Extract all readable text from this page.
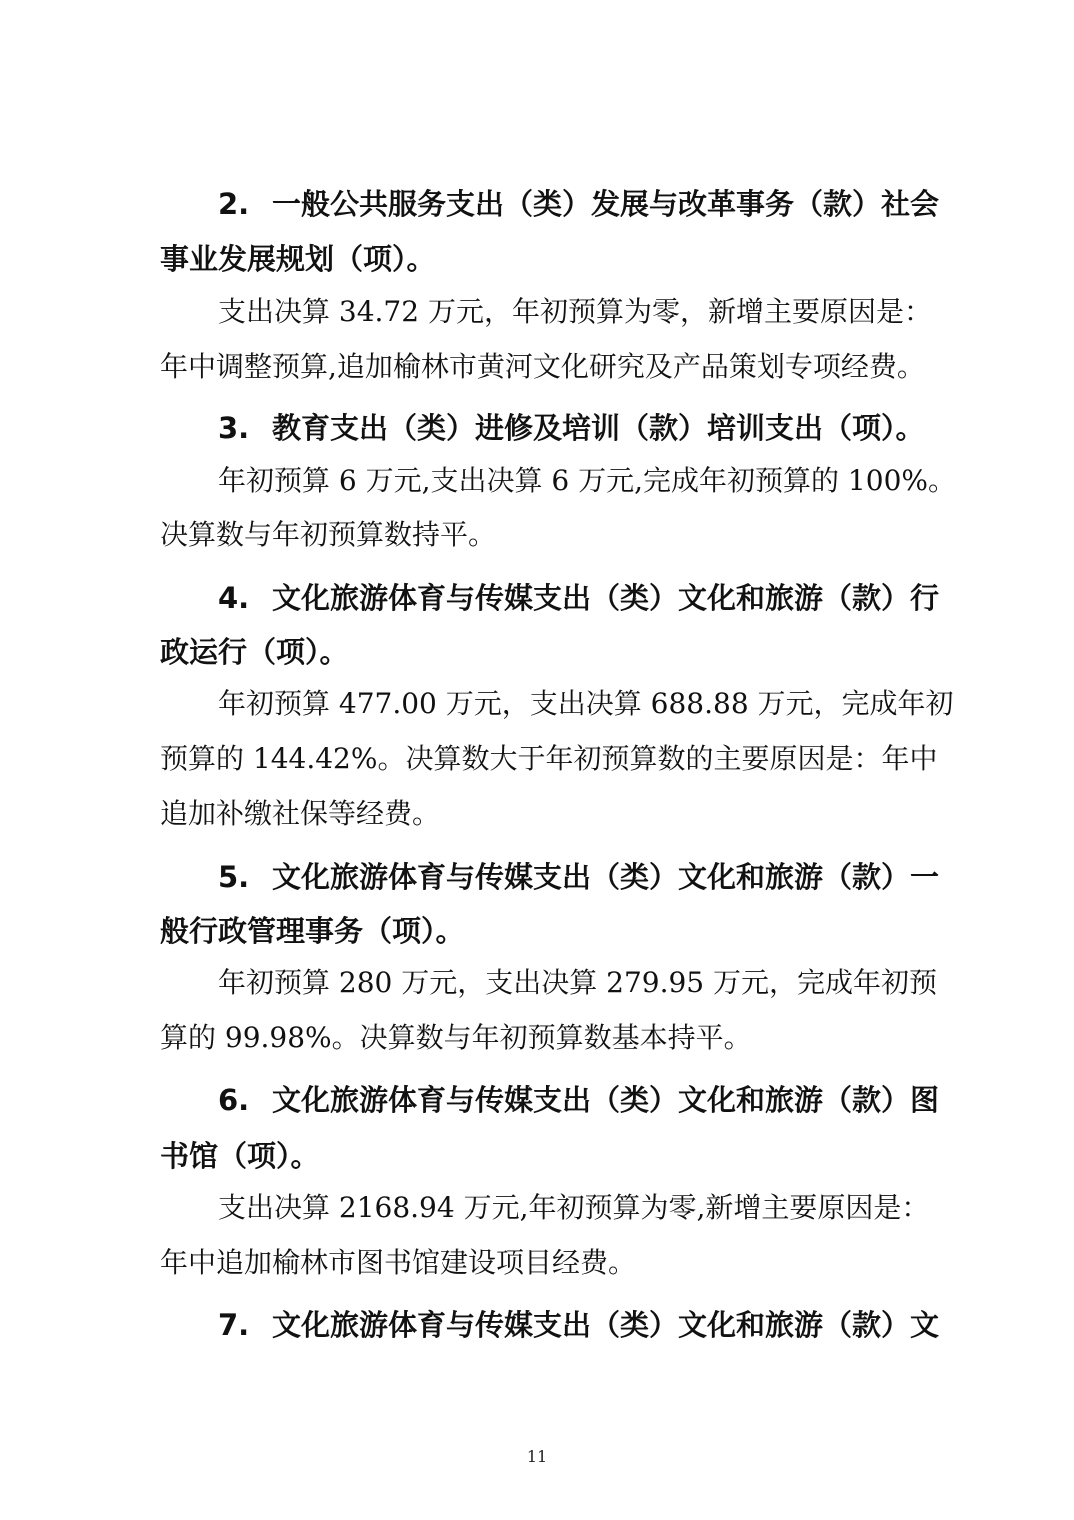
2. 一般公共服务支出（类）发展与改革事务（款）社会
事业发展规划（项）。
支出决算 34.72 万元，年初预算为零，新增主要原因是：
年中调整预算,追加榆林市黄河文化研究及产品策划专项经费。
3. 教育支出（类）进修及培训（款）培训支出（项）。
年初预算 6 万元,支出决算 6 万元,完成年初预算的 100%。
决算数与年初预算数持平。
4. 文化旅游体育与传媒支出（类）文化和旅游（款）行
政运行（项）。
年初预算 477.00 万元，支出决算 688.88 万元，完成年初
预算的 144.42%。决算数大于年初预算数的主要原因是：年中
追加补缴社保等经费。
5. 文化旅游体育与传媒支出（类）文化和旅游（款）一
般行政管理事务（项）。
年初预算 280 万元，支出决算 279.95 万元，完成年初预
算的 99.98%。决算数与年初预算数基本持平。
6. 文化旅游体育与传媒支出（类）文化和旅游（款）图
书馆（项）。
支出决算 2168.94 万元,年初预算为零,新增主要原因是：
年中追加榆林市图书馆建设项目经费。
7. 文化旅游体育与传媒支出（类）文化和旅游（款）文
11
